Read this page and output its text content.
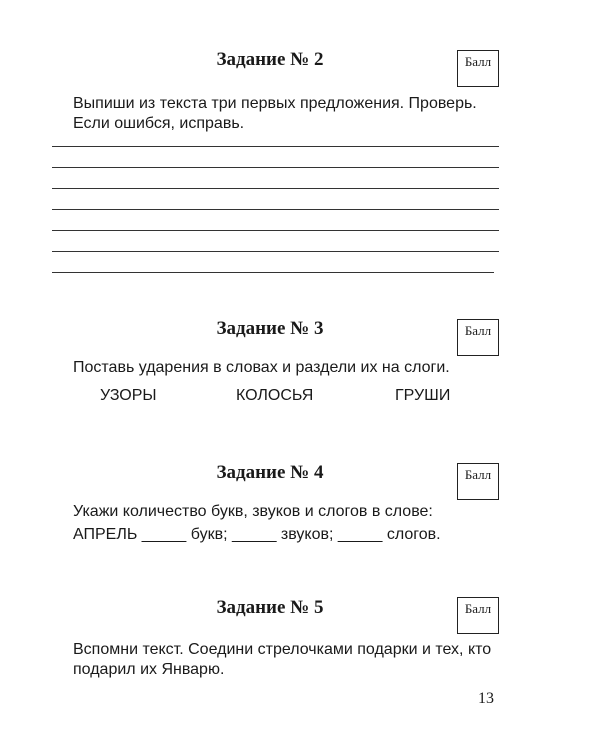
Задание № 2	Балл
Выпиши из текста три первых предложения. Проверь.
Если ошибся, исправь.
Задание № 3	Балл
Поставь ударения в словах и раздели их на слоги.
УЗОРЫ	КОЛОСЬЯ	ГРУШИ
Задание № 4	Балл
Укажи количество букв, звуков и слогов в слове:
АПРЕЛЬ _____ букв; _____ звуков; _____ слогов.
Задание № 5	Балл
Вспомни текст. Соедини стрелочками подарки и тех, кто
подарил их Январю.
13
